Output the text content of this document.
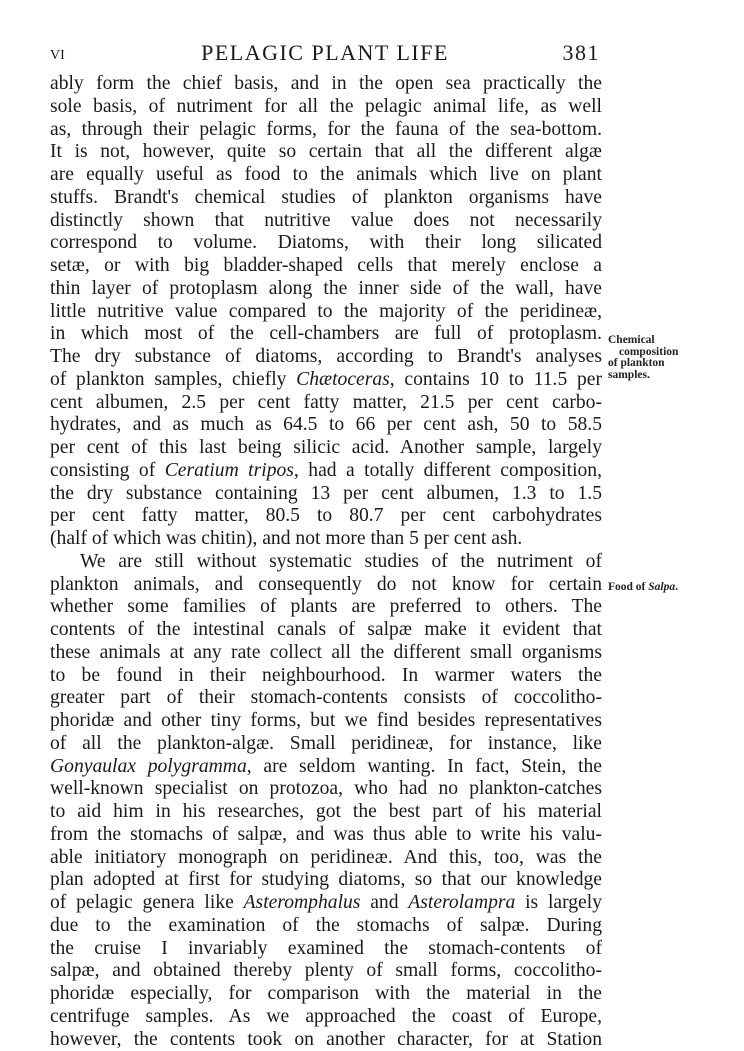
VI	PELAGIC PLANT LIFE	381
ably form the chief basis, and in the open sea practically the
sole basis, of nutriment for all the pelagic animal life, as well
as, through their pelagic forms, for the fauna of the sea-bottom.
It is not, however, quite so certain that all the different algæ
are equally useful as food to the animals which live on plant
stuffs. Brandt's chemical studies of plankton organisms have
distinctly shown that nutritive value does not necessarily
correspond to volume. Diatoms, with their long silicated
setæ, or with big bladder-shaped cells that merely enclose a
thin layer of protoplasm along the inner side of the wall, have
little nutritive value compared to the majority of the peridineæ,
in which most of the cell-chambers are full of protoplasm.
The dry substance of diatoms, according to Brandt's analyses
of plankton samples, chiefly Chætoceras, contains 10 to 11.5 per
cent albumen, 2.5 per cent fatty matter, 21.5 per cent carbo-
hydrates, and as much as 64.5 to 66 per cent ash, 50 to 58.5
per cent of this last being silicic acid. Another sample, largely
consisting of Ceratium tripos, had a totally different composition,
the dry substance containing 13 per cent albumen, 1.3 to 1.5
per cent fatty matter, 80.5 to 80.7 per cent carbohydrates
(half of which was chitin), and not more than 5 per cent ash.
We are still without systematic studies of the nutriment of
plankton animals, and consequently do not know for certain
whether some families of plants are preferred to others. The
contents of the intestinal canals of salpæ make it evident that
these animals at any rate collect all the different small organisms
to be found in their neighbourhood. In warmer waters the
greater part of their stomach-contents consists of coccolitho-
phoridæ and other tiny forms, but we find besides representatives
of all the plankton-algæ. Small peridineæ, for instance, like
Gonyaulax polygramma, are seldom wanting. In fact, Stein, the
well-known specialist on protozoa, who had no plankton-catches
to aid him in his researches, got the best part of his material
from the stomachs of salpæ, and was thus able to write his valu-
able initiatory monograph on peridineæ. And this, too, was the
plan adopted at first for studying diatoms, so that our knowledge
of pelagic genera like Asteromphalus and Asterolampra is largely
due to the examination of the stomachs of salpæ. During
the cruise I invariably examined the stomach-contents of
salpæ, and obtained thereby plenty of small forms, coccolitho-
phoridæ especially, for comparison with the material in the
centrifuge samples. As we approached the coast of Europe,
however, the contents took on another character, for at Station
Chemical
composition
of plankton
samples.
Food of Salpa.
